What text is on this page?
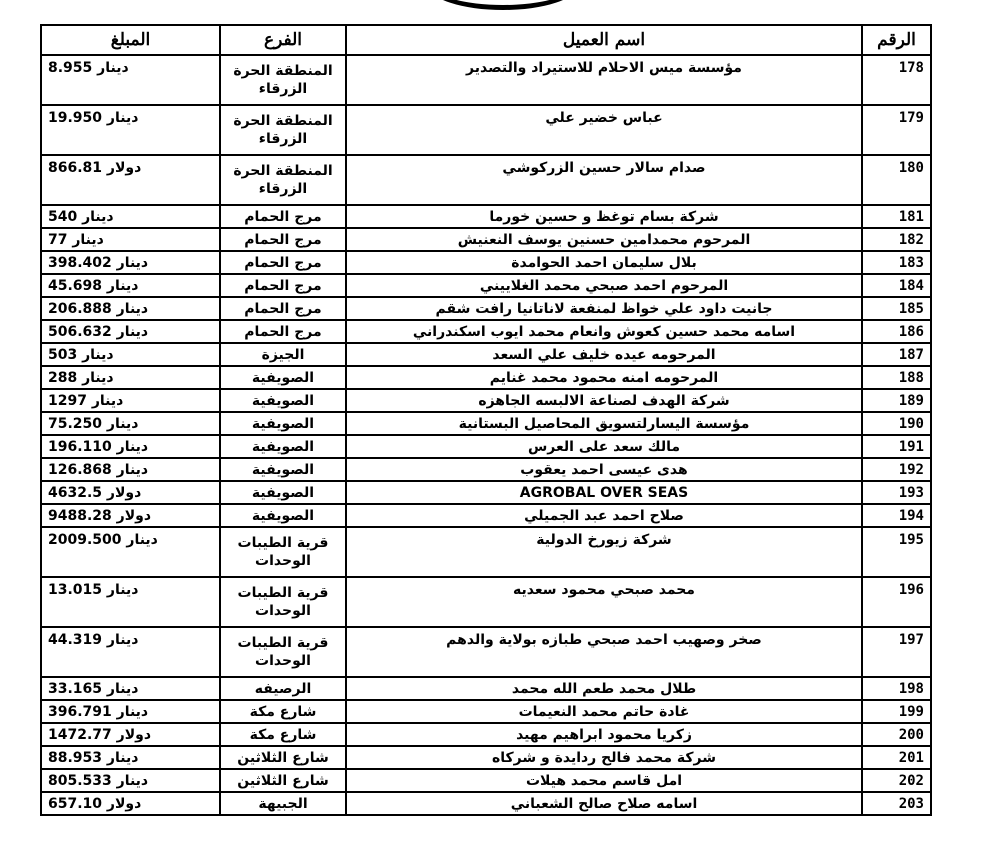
الرقم	اسم العميل	الفرع	المبلغ
178	مؤسسة ميس الاحلام للاستيراد والتصدير	المنطقة الحرة الزرقاء	8.955 دينار
179	عباس خضير علي	المنطقة الحرة الزرقاء	19.950 دينار
180	صدام سالار حسين الزركوشي	المنطقة الحرة الزرقاء	866.81 دولار
181	شركة بسام توغظ و حسين خورما	مرج الحمام	540 دينار
182	المرحوم محمدامين حسنين يوسف النعنيش	مرج الحمام	77 دينار
183	بلال سليمان احمد الحوامدة	مرج الحمام	398.402 دينار
184	المرحوم احمد صبحي محمد الغلاييني	مرج الحمام	45.698 دينار
185	جانيت داود علي خواظ لمنفعة لاناتانيا رافت شقم	مرج الحمام	206.888 دينار
186	اسامه محمد حسين كعوش وانعام محمد ايوب اسكندراني	مرج الحمام	506.632 دينار
187	المرحومه عيده خليف علي السعد	الجيزة	503 دينار
188	المرحومه امنه محمود محمد غنايم	الصويفية	288 دينار
189	شركة الهدف لصناعة الالبسه الجاهزه	الصويفية	1297 دينار
190	مؤسسة اليسارلتسويق المحاصيل البستانية	الصويفية	75.250 دينار
191	مالك سعد على العرس	الصويفية	196.110 دينار
192	هدى عيسى احمد يعقوب	الصويفية	126.868 دينار
193	AGROBAL OVER SEAS	الصويفية	4632.5 دولار
194	صلاح احمد عبد الجميلي	الصويفية	9488.28 دولار
195	شركة زيورخ الدولية	قرية الطيبات الوحدات	2009.500 دينار
196	محمد صبحي محمود سعديه	قرية الطيبات الوحدات	13.015 دينار
197	صخر وصهيب احمد صبحي طبازه بولاية والدهم	قرية الطيبات الوحدات	44.319 دينار
198	طلال محمد طعم الله محمد	الرصيفه	33.165 دينار
199	غادة حاتم محمد النعيمات	شارع مكة	396.791 دينار
200	زكريا محمود ابراهيم مهيد	شارع مكة	1472.77 دولار
201	شركة محمد فالح ردايدة و شركاه	شارع الثلاثين	88.953 دينار
202	امل قاسم محمد هيلات	شارع الثلاثين	805.533 دينار
203	اسامه صلاح صالح الشعباني	الجبيهة	657.10 دولار
